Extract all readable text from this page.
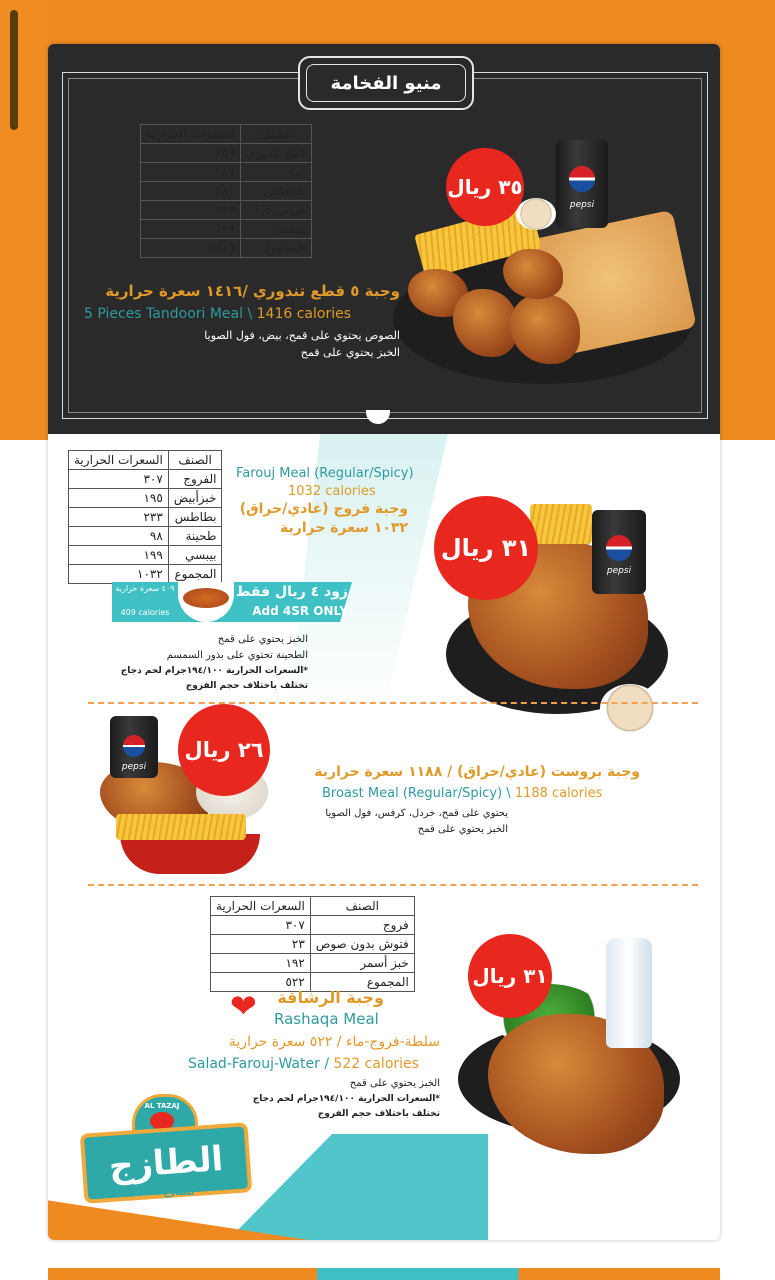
منيو الفخامة
الصنف	السعرات الحرارية
قطع تندوري	٣٥٦
خبز	٢٨٧
بطاطس	٢٨١
صوص تازا	٢٩٣
بيبسي	١٩٩
المجموع	١٤١٦
pepsi
٣٥ ريال
وجبة ٥ قطع تندوري /١٤١٦ سعرة حرارية
5 Pieces Tandoori Meal \ 1416 calories
الصوص يحتوي على قمح، بيض، فول الصويا
الخبز يحتوي على قمح
الصنف	السعرات الحرارية
الفروج	٣٠٧
خبزأبيض	١٩٥
بطاطس	٢٣٣
طحينة	٩٨
بيبسي	١٩٩
المجموع	١٠٣٢
Farouj Meal (Regular/Spicy)
1032 calories
وجبة فروج (عادي/حراق)
١٠٣٢ سعرة حرارية
٤٠٩ سعرة حرارية
409 calories
زود ٤ ريال فقط
Add 4SR ONLY
الخبز يحتوي على قمح
الطحينة تحتوي على بذور السمسم
*السعرات الحرارية ١٩٤/١٠٠جرام لحم دجاج
تختلف باختلاف حجم الفروج
pepsi
٣١ ريال
pepsi
٢٦ ريال
وجبة بروست (عادي/حراق) / ١١٨٨ سعرة حرارية
Broast Meal (Regular/Spicy) \ 1188 calories
يحتوي على قمح، خردل، كرفس، فول الصويا
الخبز يحتوي على قمح
الصنف	السعرات الحرارية
فروج	٣٠٧
فتوش بدون صوص	٢٣
خبز أسمر	١٩٢
المجموع	٥٢٢
❤	وجبة الرشاقة
Rashaqa Meal
سلطة-فروج-ماء / ٥٢٢ سعرة حرارية
Salad-Farouj-Water / 522 calories
الخبز يحتوي على قمح
*السعرات الحرارية ١٩٤/١٠٠جرام لحم دجاج
تختلف باختلاف حجم الفروج
٣١ ريال
AL TAZAJ
الطازج
للطازج الأطعم
